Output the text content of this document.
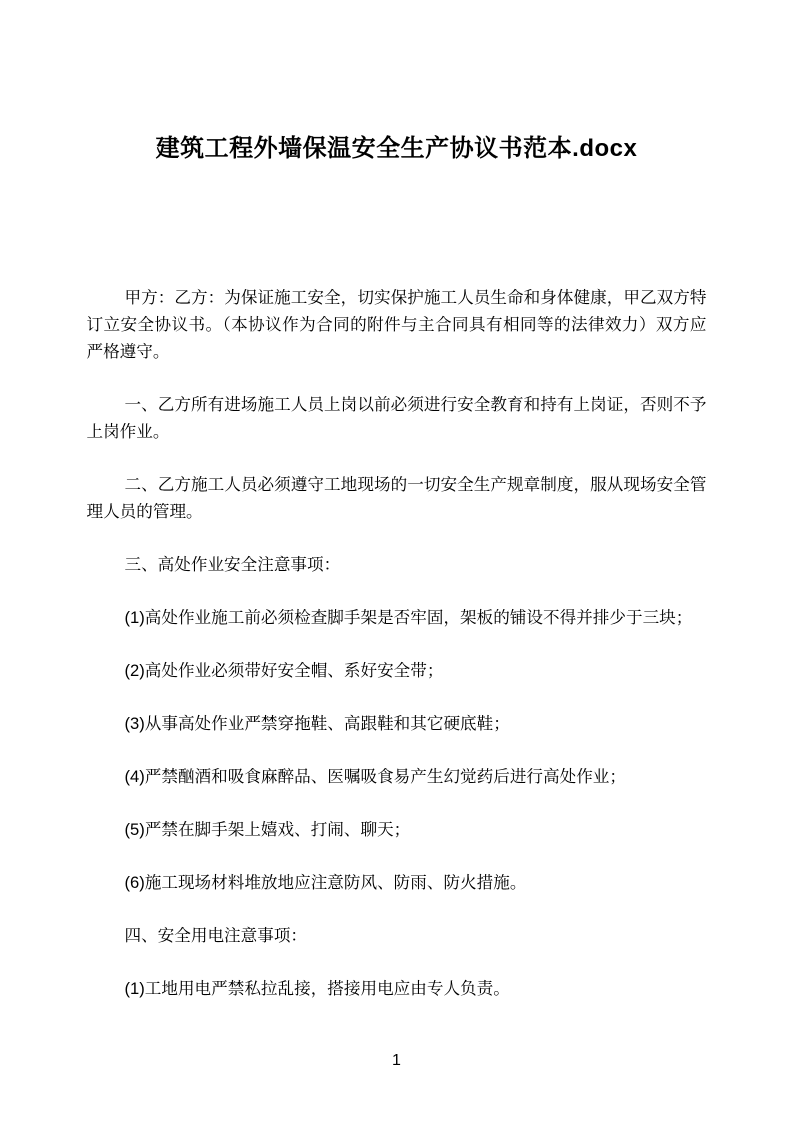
建筑工程外墙保温安全生产协议书范本.docx

甲方：乙方：为保证施工安全，切实保护施工人员生命和身体健康，甲乙双方特订立安全协议书。（本协议作为合同的附件与主合同具有相同等的法律效力）双方应严格遵守。

一、乙方所有进场施工人员上岗以前必须进行安全教育和持有上岗证，否则不予上岗作业。

二、乙方施工人员必须遵守工地现场的一切安全生产规章制度，服从现场安全管理人员的管理。

三、高处作业安全注意事项：

(1)高处作业施工前必须检查脚手架是否牢固，架板的铺设不得并排少于三块；

(2)高处作业必须带好安全帽、系好安全带；

(3)从事高处作业严禁穿拖鞋、高跟鞋和其它硬底鞋；

(4)严禁酗酒和吸食麻醉品、医嘱吸食易产生幻觉药后进行高处作业；

(5)严禁在脚手架上嬉戏、打闹、聊天；

(6)施工现场材料堆放地应注意防风、防雨、防火措施。

四、安全用电注意事项：

(1)工地用电严禁私拉乱接，搭接用电应由专人负责。

1
